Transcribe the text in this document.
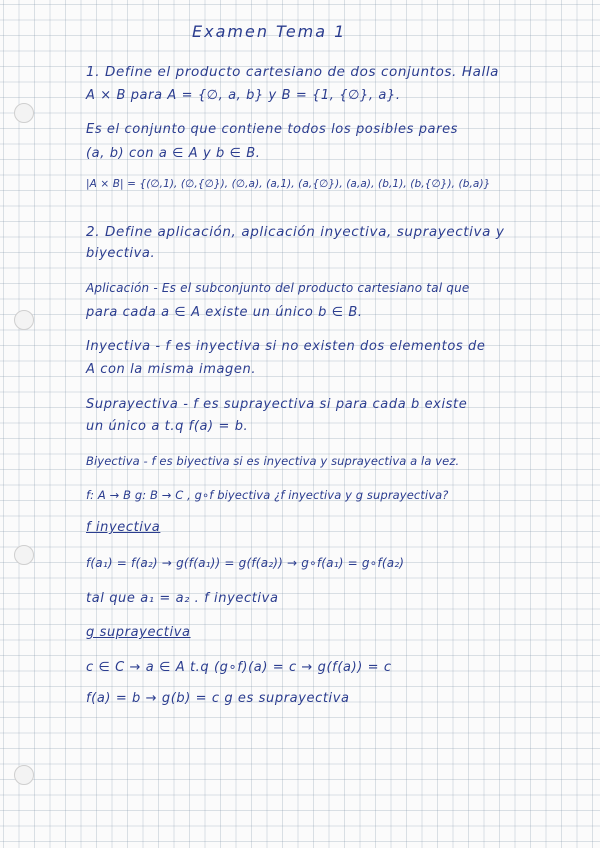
Examen Tema 1
1. Define el producto cartesiano de dos conjuntos. Halla
A × B para A = {∅, a, b} y B = {1, {∅}, a}.
Es el conjunto que contiene todos los posibles pares
(a, b) con a ∈ A y b ∈ B.
|A × B| = {(∅,1), (∅,{∅}), (∅,a), (a,1), (a,{∅}), (a,a), (b,1), (b,{∅}), (b,a)}
2. Define aplicación, aplicación inyectiva, suprayectiva y
biyectiva.
Aplicación - Es el subconjunto del producto cartesiano tal que
para cada a ∈ A existe un único b ∈ B.
Inyectiva - f es inyectiva si no existen dos elementos de
A con la misma imagen.
Suprayectiva - f es suprayectiva si para cada b existe
un único a t.q f(a) = b.
Biyectiva - f es biyectiva si es inyectiva y suprayectiva a la vez.
f: A → B g: B → C , g∘f biyectiva ¿f inyectiva y g suprayectiva?
f inyectiva
f(a₁) = f(a₂) → g(f(a₁)) = g(f(a₂)) → g∘f(a₁) = g∘f(a₂)
tal que a₁ = a₂ . f inyectiva
g suprayectiva
c ∈ C → a ∈ A t.q (g∘f)(a) = c → g(f(a)) = c
f(a) = b → g(b) = c g es suprayectiva
